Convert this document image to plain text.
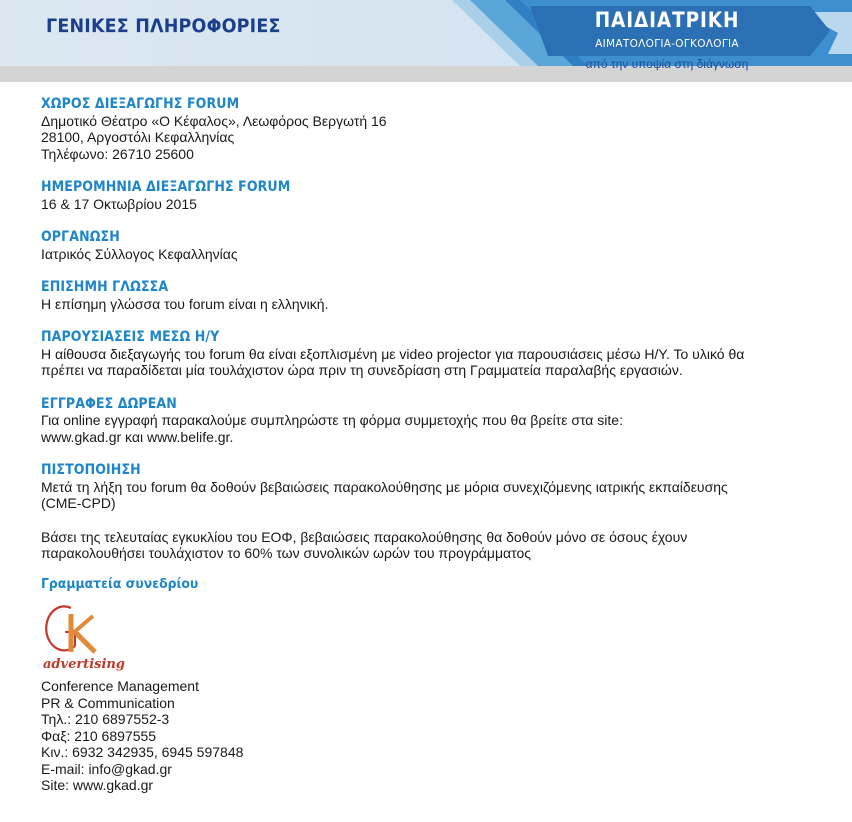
ΓΕΝΙΚΕΣ ΠΛΗΡΟΦΟΡΙΕΣ	ΠΑΙΔΙΑΤΡΙΚΗ
ΑΙΜΑΤΟΛΟΓΙΑ-ΟΓΚΟΛΟΓΙΑ
από την υποψία στη διάγνωση
ΧΩΡΟΣ ΔΙΕΞΑΓΩΓΗΣ FORUM
Δημοτικό Θέατρο «Ο Κέφαλος», Λεωφόρος Βεργωτή 16
28100, Αργοστόλι Κεφαλληνίας
Τηλέφωνο: 26710 25600
ΗΜΕΡΟΜΗΝΙΑ ΔΙΕΞΑΓΩΓΗΣ FORUM
16 & 17 Οκτωβρίου 2015
ΟΡΓΑΝΩΣΗ
Ιατρικός Σύλλογος Κεφαλληνίας
ΕΠΙΣΗΜΗ ΓΛΩΣΣΑ
Η επίσημη γλώσσα του forum είναι η ελληνική.
ΠΑΡΟΥΣΙΑΣΕΙΣ ΜΕΣΩ Η/Υ
Η αίθουσα διεξαγωγής του forum θα είναι εξοπλισμένη με video projector για παρουσιάσεις μέσω Η/Υ. Το υλικό θα
πρέπει να παραδίδεται μία τουλάχιστον ώρα πριν τη συνεδρίαση στη Γραμματεία παραλαβής εργασιών.
ΕΓΓΡΑΦΕΣ ΔΩΡΕΑΝ
Για online εγγραφή παρακαλούμε συμπληρώστε τη φόρμα συμμετοχής που θα βρείτε στα site:
www.gkad.gr και www.belife.gr.
ΠΙΣΤΟΠΟΙΗΣΗ
Μετά τη λήξη του forum θα δοθούν βεβαιώσεις παρακολούθησης με μόρια συνεχιζόμενης ιατρικής εκπαίδευσης
(CME-CPD)
Βάσει της τελευταίας εγκυκλίου του ΕΟΦ, βεβαιώσεις παρακολούθησης θα δοθούν μόνο σε όσους έχουν
παρακολουθήσει τουλάχιστον το 60% των συνολικών ωρών του προγράμματος
Γραμματεία συνεδρίου
advertising
Conference Management
PR & Communication
Τηλ.: 210 6897552-3
Φαξ: 210 6897555
Κιν.: 6932 342935, 6945 597848
E-mail: info@gkad.gr
Site: www.gkad.gr
